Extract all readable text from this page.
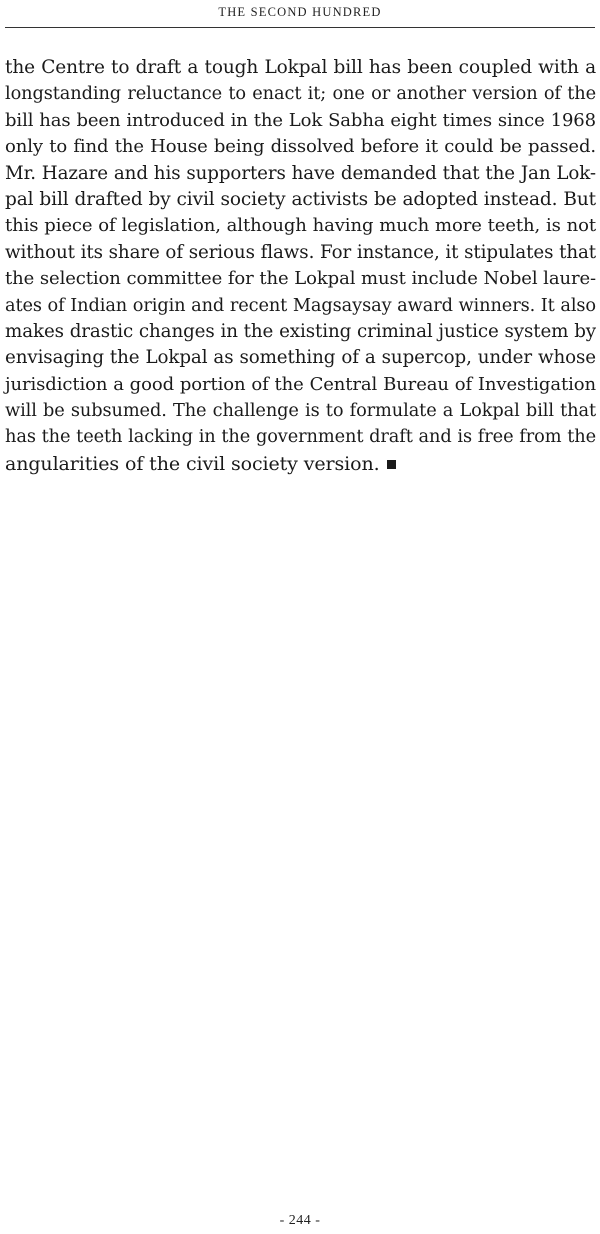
THE SECOND HUNDRED
the Centre to draft a tough Lokpal bill has been coupled with a
longstanding reluctance to enact it; one or another version of the
bill has been introduced in the Lok Sabha eight times since 1968
only to find the House being dissolved before it could be passed.
Mr. Hazare and his supporters have demanded that the Jan Lok-
pal bill drafted by civil society activists be adopted instead. But
this piece of legislation, although having much more teeth, is not
without its share of serious flaws. For instance, it stipulates that
the selection committee for the Lokpal must include Nobel laure-
ates of Indian origin and recent Magsaysay award winners. It also
makes drastic changes in the existing criminal justice system by
envisaging the Lokpal as something of a supercop, under whose
jurisdiction a good portion of the Central Bureau of Investigation
will be subsumed. The challenge is to formulate a Lokpal bill that
has the teeth lacking in the government draft and is free from the
angularities of the civil society version.
- 244 -
